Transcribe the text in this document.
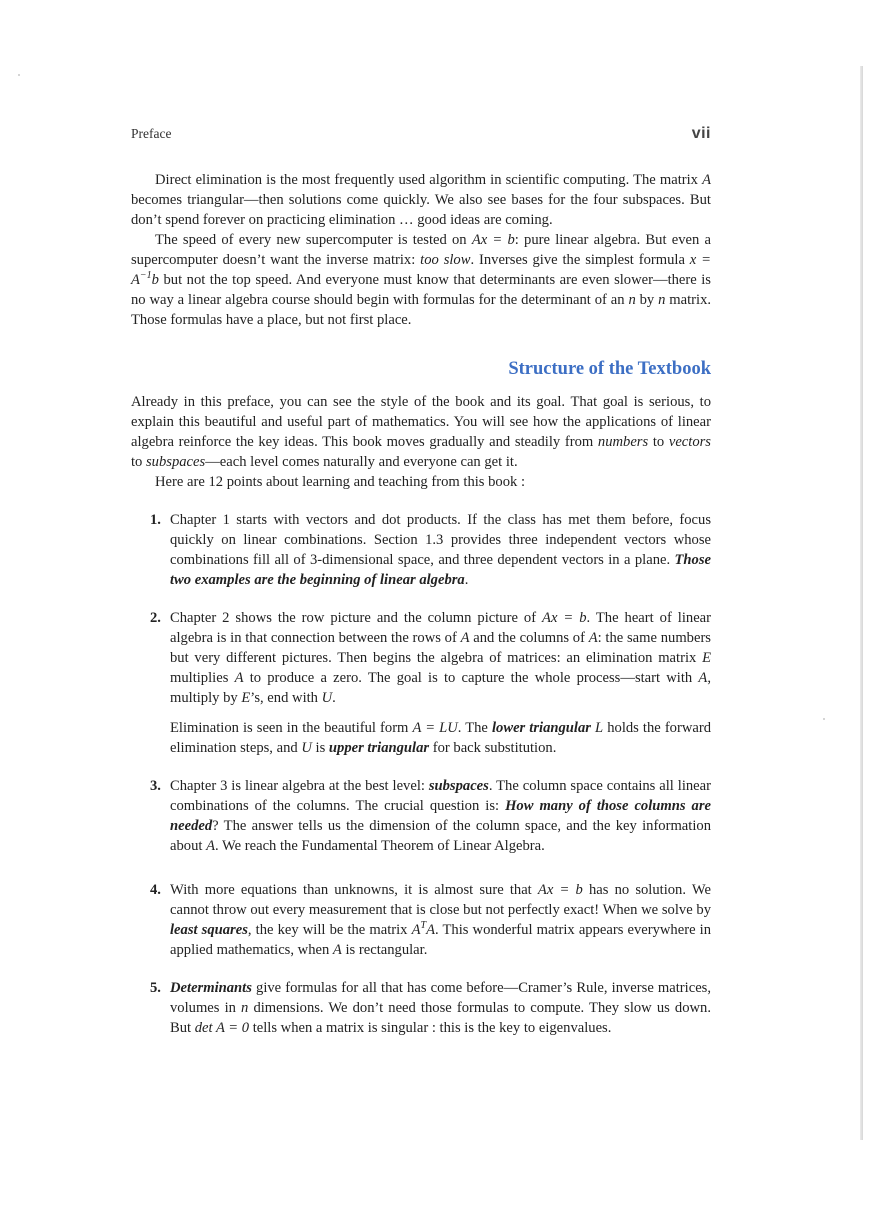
Preface	vii

Direct elimination is the most frequently used algorithm in scientific computing. The matrix A becomes triangular—then solutions come quickly. We also see bases for the four subspaces. But don’t spend forever on practicing elimination … good ideas are coming.

The speed of every new supercomputer is tested on Ax = b: pure linear algebra. But even a supercomputer doesn’t want the inverse matrix: too slow. Inverses give the simplest formula $x = A^{-1}b$ but not the top speed. And everyone must know that determinants are even slower—there is no way a linear algebra course should begin with formulas for the determinant of an n by n matrix. Those formulas have a place, but not first place.

Structure of the Textbook

Already in this preface, you can see the style of the book and its goal. That goal is serious, to explain this beautiful and useful part of mathematics. You will see how the applications of linear algebra reinforce the key ideas. This book moves gradually and steadily from numbers to vectors to subspaces—each level comes naturally and everyone can get it.

Here are 12 points about learning and teaching from this book :

1. Chapter 1 starts with vectors and dot products. If the class has met them before, focus quickly on linear combinations. Section 1.3 provides three independent vectors whose combinations fill all of 3-dimensional space, and three dependent vectors in a plane. Those two examples are the beginning of linear algebra.

2. Chapter 2 shows the row picture and the column picture of Ax = b. The heart of linear algebra is in that connection between the rows of A and the columns of A: the same numbers but very different pictures. Then begins the algebra of matrices: an elimination matrix E multiplies A to produce a zero. The goal is to capture the whole process—start with A, multiply by E’s, end with U.

Elimination is seen in the beautiful form A = LU. The lower triangular L holds the forward elimination steps, and U is upper triangular for back substitution.

3. Chapter 3 is linear algebra at the best level: subspaces. The column space contains all linear combinations of the columns. The crucial question is: How many of those columns are needed? The answer tells us the dimension of the column space, and the key information about A. We reach the Fundamental Theorem of Linear Algebra.

4. With more equations than unknowns, it is almost sure that Ax = b has no solution. We cannot throw out every measurement that is close but not perfectly exact! When we solve by least squares, the key will be the matrix $A^TA$. This wonderful matrix appears everywhere in applied mathematics, when A is rectangular.

5. Determinants give formulas for all that has come before—Cramer’s Rule, inverse matrices, volumes in n dimensions. We don’t need those formulas to compute. They slow us down. But det A = 0 tells when a matrix is singular : this is the key to eigenvalues.
